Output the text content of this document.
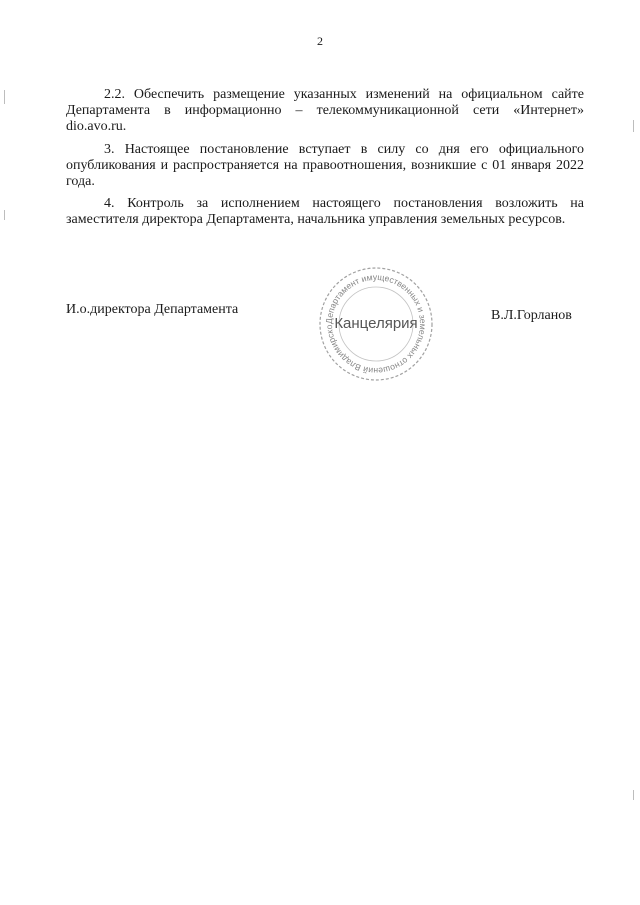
2

2.2. Обеспечить размещение указанных изменений на официальном сайте Департамента в информационно – телекоммуникационной сети «Интернет» dio.avo.ru.

3. Настоящее постановление вступает в силу со дня его официального опубликования и распространяется на правоотношения, возникшие с 01 января 2022 года.

4. Контроль за исполнением настоящего постановления возложить на заместителя директора Департамента, начальника управления земельных ресурсов.

И.о.директора Департамента
Департамент имущественных и земельных отношений Владимирско Канцелярия	В.Л.Горланов
